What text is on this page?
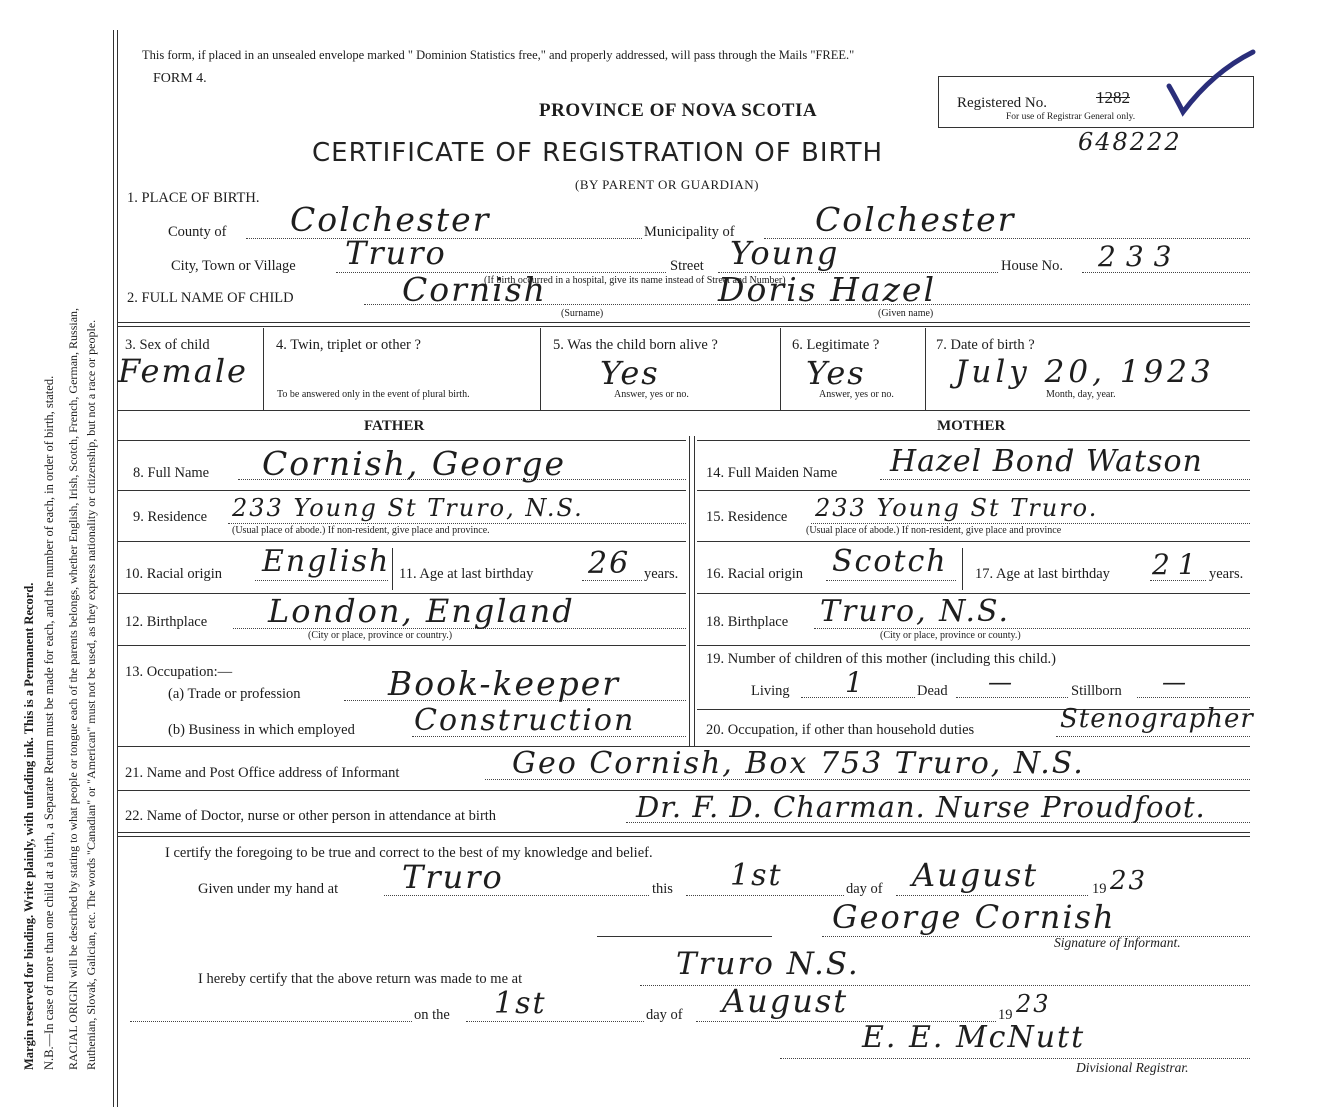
Margin reserved for binding. Write plainly, with unfading ink. This is a Permanent Record. N.B.—In case of more than one child at a birth, a Separate Return must be made for each, and the number of each, in order of birth, stated. RACIAL ORIGIN will be described by stating to what people or tongue each of the parents belongs, whether English, Irish, Scotch, French, German, Russian, Ruthenian, Slovak, Galician, etc. The words "Canadian" or "American" must not be used, as they express nationality or citizenship, but not a race or people.
This form, if placed in an unsealed envelope marked " Dominion Statistics free," and properly addressed, will pass through the Mails "FREE."
FORM 4.
PROVINCE OF NOVA SCOTIA
CERTIFICATE OF REGISTRATION OF BIRTH
(BY PARENT OR GUARDIAN)
Registered No.	1282
For use of Registrar General only.
648222
1. PLACE OF BIRTH.
County of Colchester	Municipality of Colchester
City, Town or Village Truro	Street Young	House No. 233
(If birth occurred in a hospital, give its name instead of Street and Number)
2. FULL NAME OF CHILD	Cornish	Doris Hazel
(Surname)	(Given name)
3. Sex of child
Female
4. Twin, triplet or other ?
To be answered only in the event of plural birth.
5. Was the child born alive ?
Yes
Answer, yes or no.
6. Legitimate ?
Yes
Answer, yes or no.
7. Date of birth ?
July 20, 1923
Month, day, year.
FATHER	MOTHER
8. Full Name Cornish, George	14. Full Maiden Name Hazel Bond Watson
9. Residence 233 Young St Truro, N.S.
(Usual place of abode.) If non-resident, give place and province.
15. Residence 233 Young St Truro.
(Usual place of abode.) If non-resident, give place and province
10. Racial origin English 11. Age at last birthday 26 years. 16. Racial origin Scotch 17. Age at last birthday 21 years.
12. Birthplace London, England
(City or place, province or country.)
18. Birthplace Truro, N.S.
(City or place, province or county.)
13. Occupation:—
(a) Trade or profession	Book-keeper
(b) Business in which employed Construction
19. Number of children of this mother (including this child.)
Living 1	Dead —	Stillborn —
20. Occupation, if other than household duties	Stenographer
21. Name and Post Office address of Informant	Geo Cornish, Box 753 Truro, N.S.
22. Name of Doctor, nurse or other person in attendance at birth	Dr. F. D. Charman. Nurse Proudfoot.
I certify the foregoing to be true and correct to the best of my knowledge and belief.
Given under my hand at Truro	this 1st	day of August	19 23
George Cornish
Signature of Informant.
I hereby certify that the above return was made to me at	Truro N.S.
on the 1st	day of August	19 23
E. E. McNutt
Divisional Registrar.
